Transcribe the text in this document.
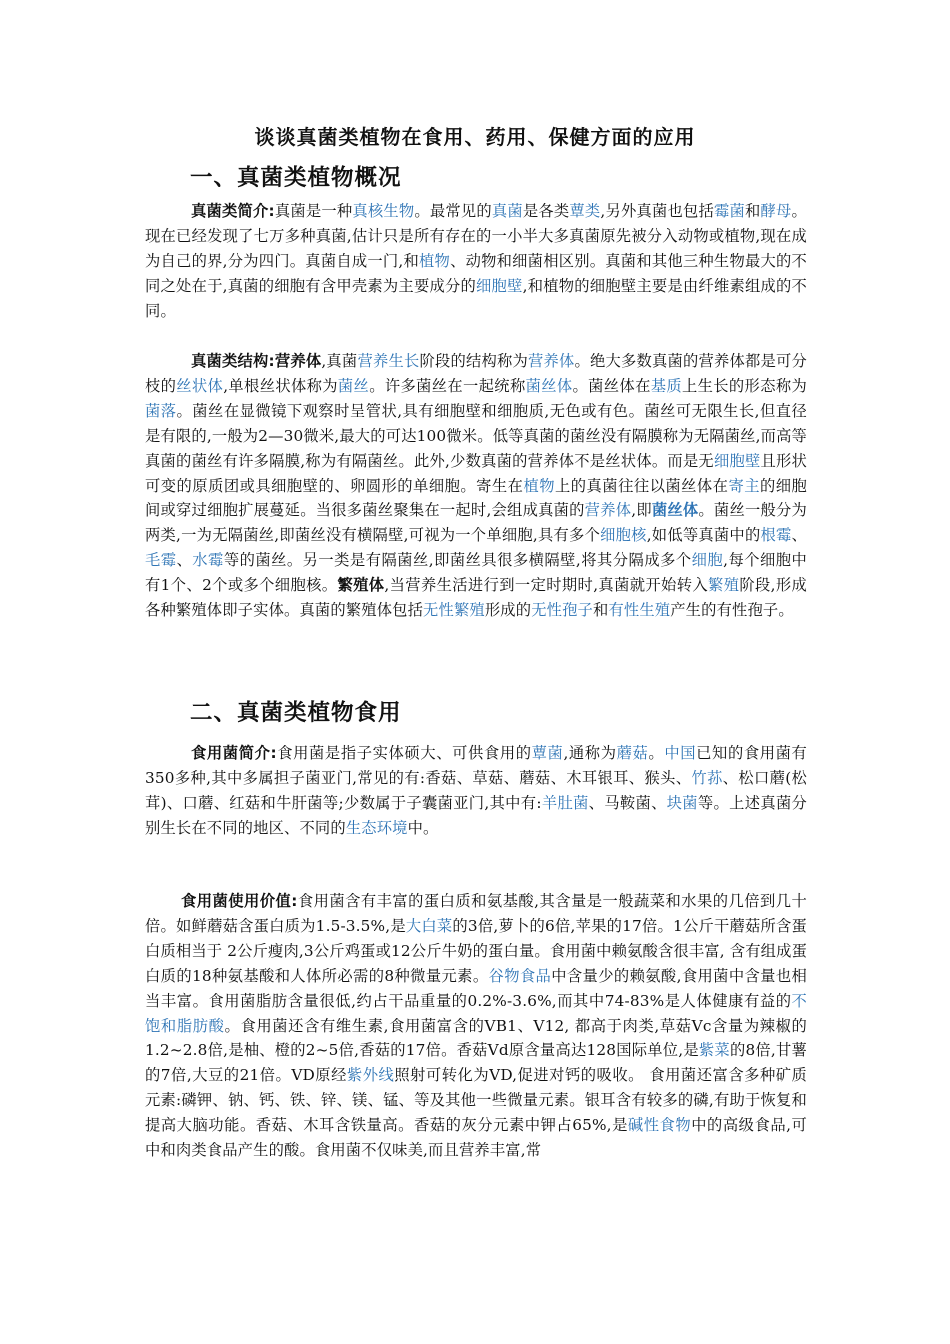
谈谈真菌类植物在食用、药用、保健方面的应用
一、真菌类植物概况

真菌类简介:真菌是一种真核生物。最常见的真菌是各类蕈类,另外真菌也包括霉菌和酵母。现在已经发现了七万多种真菌,估计只是所有存在的一小半大多真菌原先被分入动物或植物,现在成为自己的界,分为四门。真菌自成一门,和植物、动物和细菌相区别。真菌和其他三种生物最大的不同之处在于,真菌的细胞有含甲壳素为主要成分的细胞壁,和植物的细胞壁主要是由纤维素组成的不同。

真菌类结构:营养体,真菌营养生长阶段的结构称为营养体。绝大多数真菌的营养体都是可分枝的丝状体,单根丝状体称为菌丝。许多菌丝在一起统称菌丝体。菌丝体在基质上生长的形态称为菌落。菌丝在显微镜下观察时呈管状,具有细胞壁和细胞质,无色或有色。菌丝可无限生长,但直径是有限的,一般为2—30微米,最大的可达100微米。低等真菌的菌丝没有隔膜称为无隔菌丝,而高等真菌的菌丝有许多隔膜,称为有隔菌丝。此外,少数真菌的营养体不是丝状体。而是无细胞壁且形状可变的原质团或具细胞壁的、卵圆形的单细胞。寄生在植物上的真菌往往以菌丝体在寄主的细胞间或穿过细胞扩展蔓延。当很多菌丝聚集在一起时,会组成真菌的营养体,即菌丝体。菌丝一般分为两类,一为无隔菌丝,即菌丝没有横隔壁,可视为一个单细胞,具有多个细胞核,如低等真菌中的根霉、毛霉、水霉等的菌丝。另一类是有隔菌丝,即菌丝具很多横隔壁,将其分隔成多个细胞,每个细胞中有1个、2个或多个细胞核。繁殖体,当营养生活进行到一定时期时,真菌就开始转入繁殖阶段,形成各种繁殖体即子实体。真菌的繁殖体包括无性繁殖形成的无性孢子和有性生殖产生的有性孢子。

二、真菌类植物食用

食用菌简介:食用菌是指子实体硕大、可供食用的蕈菌,通称为蘑菇。中国已知的食用菌有350多种,其中多属担子菌亚门,常见的有:香菇、草菇、蘑菇、木耳银耳、猴头、竹荪、松口蘑(松茸)、口蘑、红菇和牛肝菌等;少数属于子囊菌亚门,其中有:羊肚菌、马鞍菌、块菌等。上述真菌分别生长在不同的地区、不同的生态环境中。

食用菌使用价值:食用菌含有丰富的蛋白质和氨基酸,其含量是一般蔬菜和水果的几倍到几十倍。如鲜蘑菇含蛋白质为1.5-3.5%,是大白菜的3倍,萝卜的6倍,苹果的17倍。1公斤干蘑菇所含蛋白质相当于 2公斤瘦肉,3公斤鸡蛋或12公斤牛奶的蛋白量。食用菌中赖氨酸含很丰富, 含有组成蛋白质的18种氨基酸和人体所必需的8种微量元素。谷物食品中含量少的赖氨酸,食用菌中含量也相当丰富。食用菌脂肪含量很低,约占干品重量的0.2%-3.6%,而其中74-83%是人体健康有益的不饱和脂肪酸。食用菌还含有维生素,食用菌富含的VB1、V12, 都高于肉类,草菇Vc含量为辣椒的1.2~2.8倍,是柚、橙的2~5倍,香菇的17倍。香菇Vd原含量高达128国际单位,是紫菜的8倍,甘薯的7倍,大豆的21倍。VD原经紫外线照射可转化为VD,促进对钙的吸收。 食用菌还富含多种矿质元素:磷钾、钠、钙、铁、锌、镁、锰、等及其他一些微量元素。银耳含有较多的磷,有助于恢复和提高大脑功能。香菇、木耳含铁量高。香菇的灰分元素中钾占65%,是碱性食物中的高级食品,可中和肉类食品产生的酸。食用菌不仅味美,而且营养丰富,常
